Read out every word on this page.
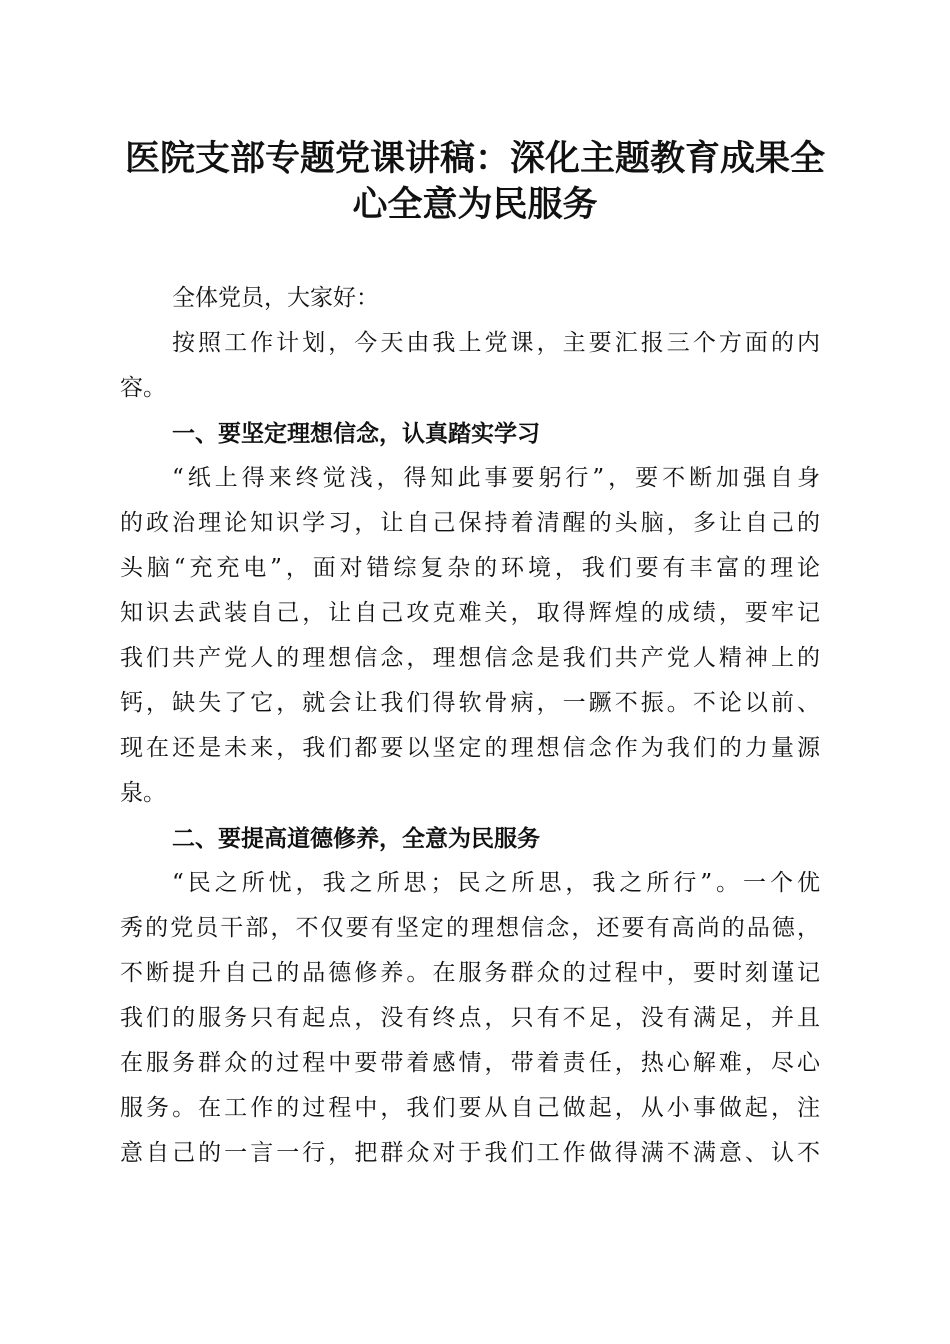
医院支部专题党课讲稿：深化主题教育成果全
心全意为民服务
全体党员，大家好：
按照工作计划，今天由我上党课，主要汇报三个方面的内
容。
一、要坚定理想信念，认真踏实学习
“纸上得来终觉浅，得知此事要躬行”，要不断加强自身
的政治理论知识学习，让自己保持着清醒的头脑，多让自己的
头脑“充充电”，面对错综复杂的环境，我们要有丰富的理论
知识去武装自己，让自己攻克难关，取得辉煌的成绩，要牢记
我们共产党人的理想信念，理想信念是我们共产党人精神上的
钙，缺失了它，就会让我们得软骨病，一蹶不振。不论以前、
现在还是未来，我们都要以坚定的理想信念作为我们的力量源
泉。
二、要提高道德修养，全意为民服务
“民之所忧，我之所思；民之所思，我之所行”。一个优
秀的党员干部，不仅要有坚定的理想信念，还要有高尚的品德，
不断提升自己的品德修养。在服务群众的过程中，要时刻谨记
我们的服务只有起点，没有终点，只有不足，没有满足，并且
在服务群众的过程中要带着感情，带着责任，热心解难，尽心
服务。在工作的过程中，我们要从自己做起，从小事做起，注
意自己的一言一行，把群众对于我们工作做得满不满意、认不
